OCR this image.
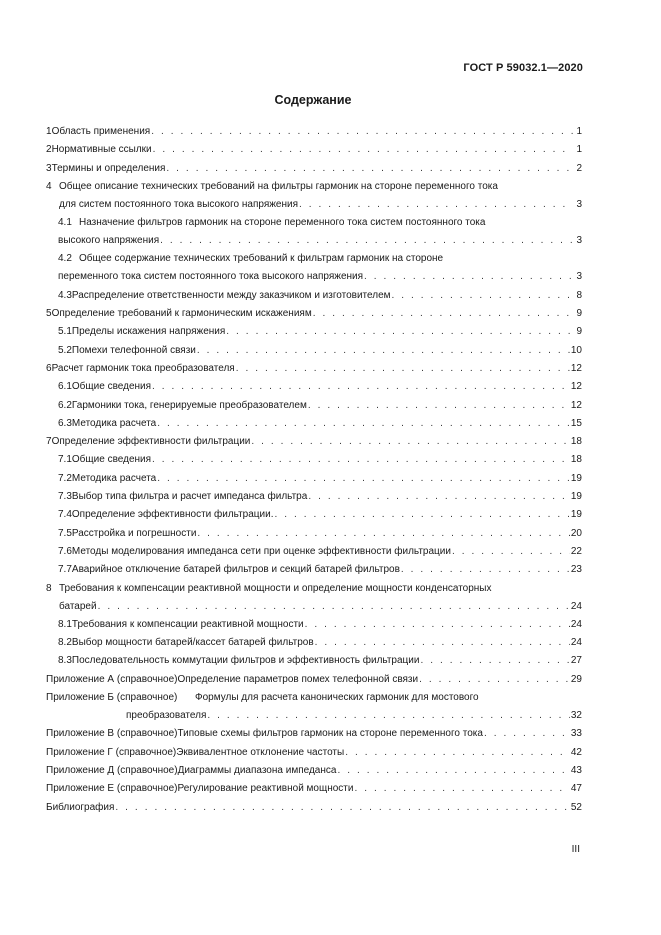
ГОСТ Р 59032.1—2020
Содержание
1 Область применения . . .	1
2 Нормативные ссылки . . .	1
3 Термины и определения . . .	2
4 Общее описание технических требований на фильтры гармоник на стороне переменного тока
для систем постоянного тока высокого напряжения . . .	3
4.1 Назначение фильтров гармоник на стороне переменного тока систем постоянного тока
высокого напряжения . . .	3
4.2 Общее содержание технических требований к фильтрам гармоник на стороне
переменного тока систем постоянного тока высокого напряжения . . .	3
4.3 Распределение ответственности между заказчиком и изготовителем . . .	8
5 Определение требований к гармоническим искажениям . . .	9
5.1 Пределы искажения напряжения . . .	9
5.2 Помехи телефонной связи . . .	10
6 Расчет гармоник тока преобразователя . . .	12
6.1 Общие сведения . . .	12
6.2 Гармоники тока, генерируемые преобразователем . . .	12
6.3 Методика расчета . . .	15
7 Определение эффективности фильтрации . . .	18
7.1 Общие сведения . . .	18
7.2 Методика расчета . . .	19
7.3 Выбор типа фильтра и расчет импеданса фильтра . . .	19
7.4 Определение эффективности фильтрации. . . .	19
7.5 Расстройка и погрешности . . .	20
7.6 Методы моделирования импеданса сети при оценке эффективности фильтрации . . .	22
7.7 Аварийное отключение батарей фильтров и секций батарей фильтров . . .	23
8 Требования к компенсации реактивной мощности и определение мощности конденсаторных
батарей . . .	24
8.1 Требования к компенсации реактивной мощности . . .	24
8.2 Выбор мощности батарей/кассет батарей фильтров . . .	24
8.3 Последовательность коммутации фильтров и эффективность фильтрации . . .	27
Приложение А (справочное) Определение параметров помех телефонной связи . . .	29
Приложение Б (справочное) Формулы для расчета канонических гармоник для мостового
преобразователя . . .	32
Приложение В (справочное) Типовые схемы фильтров гармоник на стороне переменного тока . . .	33
Приложение Г (справочное) Эквивалентное отклонение частоты . . .	42
Приложение Д (справочное) Диаграммы диапазона импеданса . . .	43
Приложение Е (справочное) Регулирование реактивной мощности . . .	47
Библиография . . .	52
III
